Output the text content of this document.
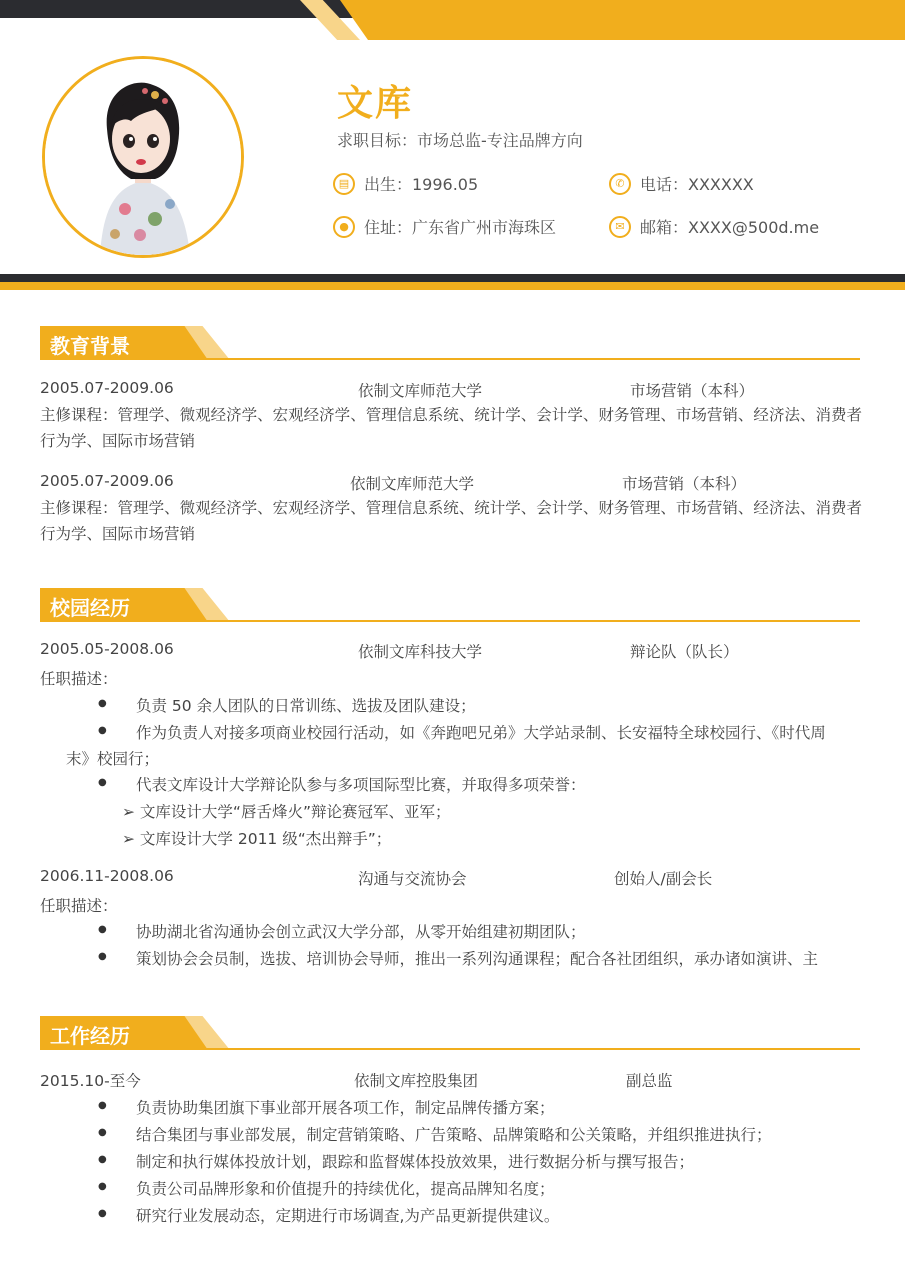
文库
求职目标：市场总监-专注品牌方向
▤ 出生：1996.05	✆ 电话：XXXXXX
● 住址：广东省广州市海珠区	✉ 邮箱：XXXX@500d.me
教育背景
2005.07-2009.06	依制文库师范大学	市场营销（本科）
主修课程：管理学、微观经济学、宏观经济学、管理信息系统、统计学、会计学、财务管理、市场营销、经济法、消费者行为学、国际市场营销
2005.07-2009.06	依制文库师范大学	市场营销（本科）
主修课程：管理学、微观经济学、宏观经济学、管理信息系统、统计学、会计学、财务管理、市场营销、经济法、消费者行为学、国际市场营销
校园经历
2005.05-2008.06	依制文库科技大学	辩论队（队长）
任职描述：
● 负责 50 余人团队的日常训练、选拔及团队建设；
● 作为负责人对接多项商业校园行活动，如《奔跑吧兄弟》大学站录制、长安福特全球校园行、《时代周
末》校园行；
● 代表文库设计大学辩论队参与多项国际型比赛，并取得多项荣誉：
➢ 文库设计大学“唇舌烽火”辩论赛冠军、亚军；
➢ 文库设计大学 2011 级“杰出辩手”；
2006.11-2008.06	沟通与交流协会	创始人/副会长
任职描述：
● 协助湖北省沟通协会创立武汉大学分部，从零开始组建初期团队；
● 策划协会会员制，选拔、培训协会导师，推出一系列沟通课程；配合各社团组织，承办诸如演讲、主
工作经历
2015.10-至今	依制文库控股集团	副总监
● 负责协助集团旗下事业部开展各项工作，制定品牌传播方案；
● 结合集团与事业部发展，制定营销策略、广告策略、品牌策略和公关策略，并组织推进执行；
● 制定和执行媒体投放计划，跟踪和监督媒体投放效果，进行数据分析与撰写报告；
● 负责公司品牌形象和价值提升的持续优化，提高品牌知名度；
● 研究行业发展动态，定期进行市场调查,为产品更新提供建议。
